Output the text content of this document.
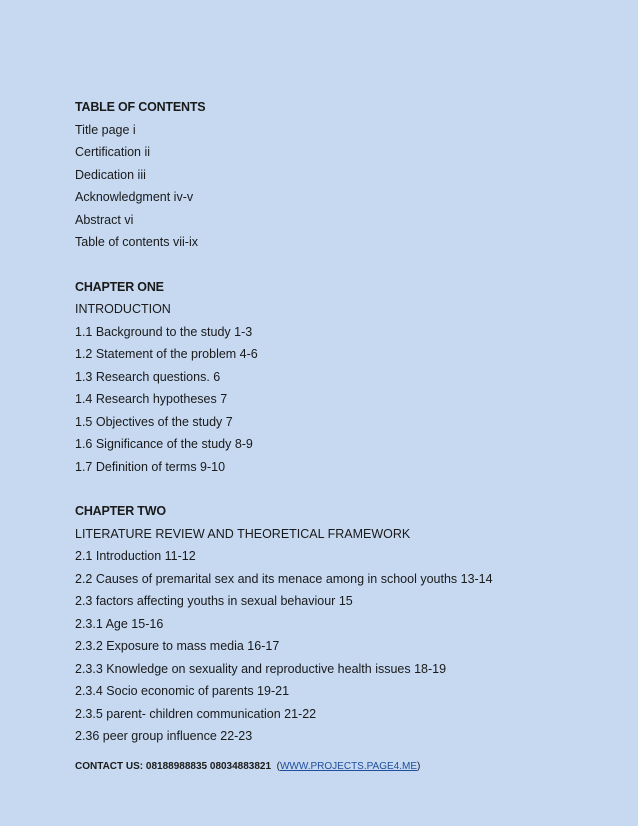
TABLE OF CONTENTS
Title page i
Certification ii
Dedication iii
Acknowledgment iv-v
Abstract vi
Table of contents vii-ix
CHAPTER ONE
INTRODUCTION
1.1 Background to the study 1-3
1.2 Statement of the problem 4-6
1.3 Research questions. 6
1.4 Research hypotheses 7
1.5 Objectives of the study 7
1.6 Significance of the study 8-9
1.7 Definition of terms 9-10
CHAPTER TWO
LITERATURE REVIEW AND THEORETICAL FRAMEWORK
2.1 Introduction 11-12
2.2 Causes of premarital sex and its menace among in school youths 13-14
2.3 factors affecting youths in sexual behaviour 15
2.3.1 Age 15-16
2.3.2 Exposure to mass media 16-17
2.3.3 Knowledge on sexuality and reproductive health issues 18-19
2.3.4 Socio economic of parents 19-21
2.3.5 parent- children communication 21-22
2.36 peer group influence 22-23
CONTACT US: 08188988835 08034883821 (WWW.PROJECTS.PAGE4.ME)
